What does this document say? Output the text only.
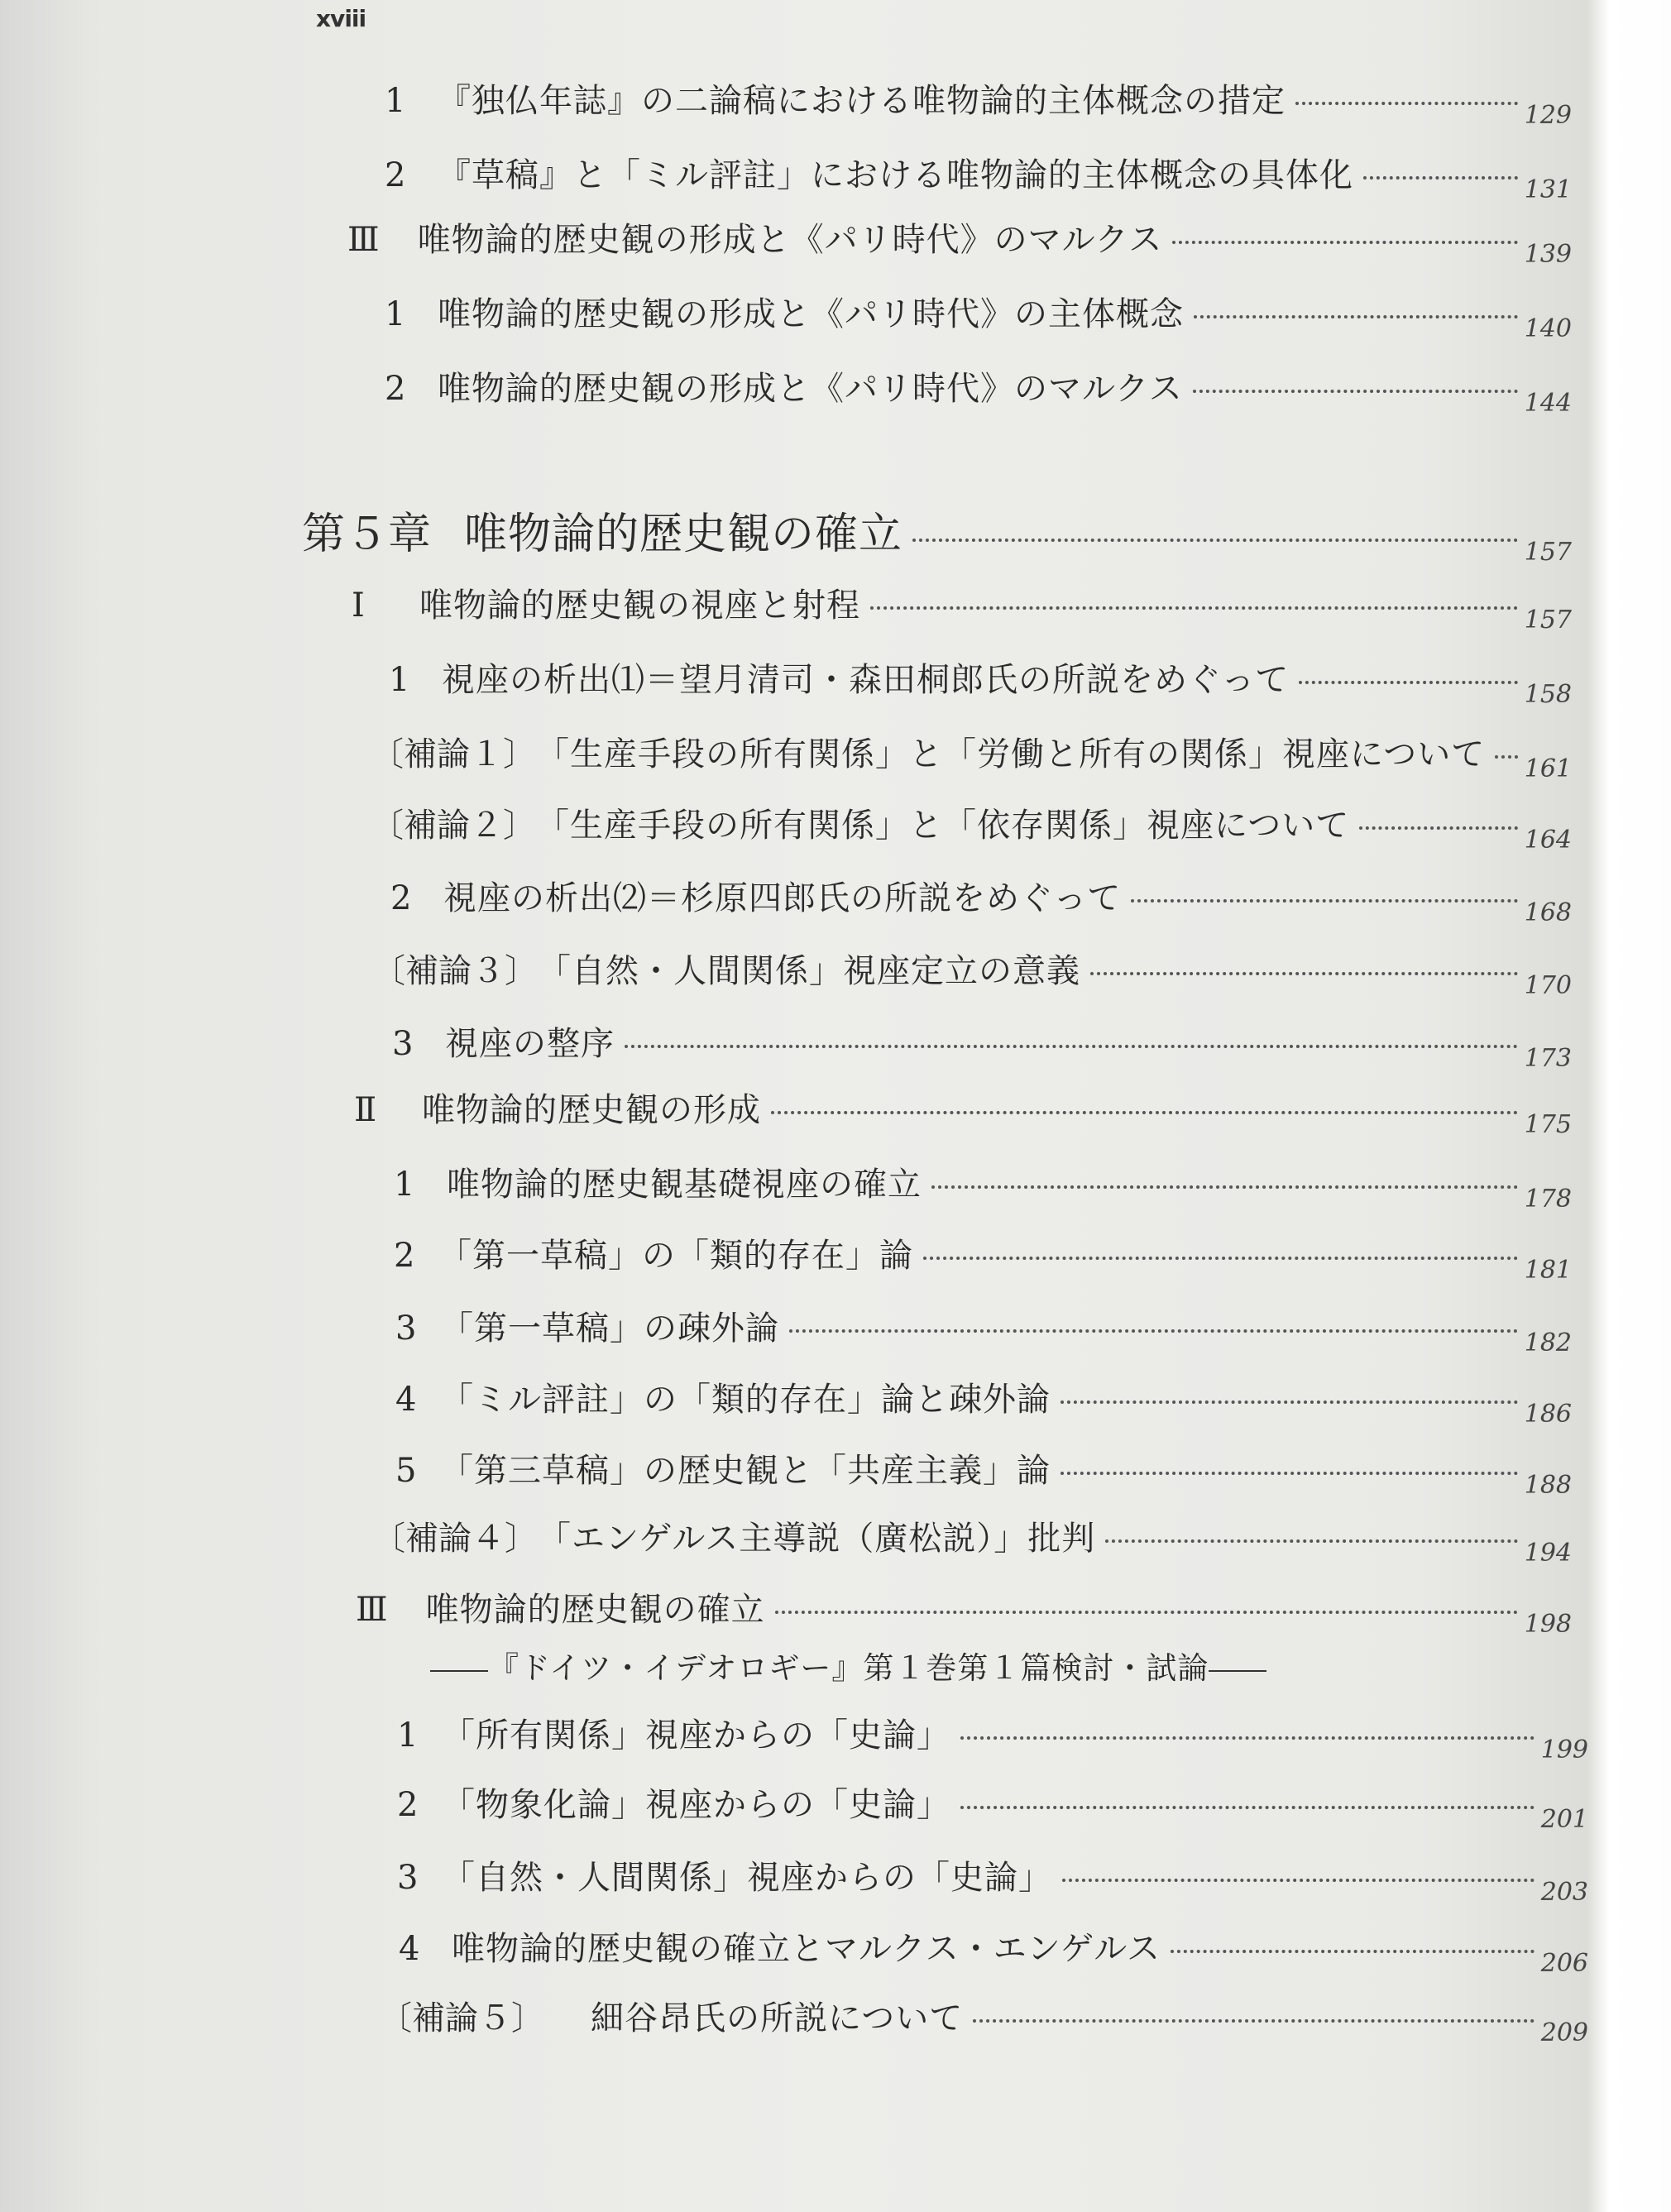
xviii
1 『独仏年誌』の二論稿における唯物論的主体概念の措定	129
2 『草稿』と「ミル評註」における唯物論的主体概念の具体化	131
Ⅲ 唯物論的歴史観の形成と《パリ時代》のマルクス	139
1 唯物論的歴史観の形成と《パリ時代》の主体概念	140
2 唯物論的歴史観の形成と《パリ時代》のマルクス	144
第５章 唯物論的歴史観の確立	157
Ⅰ	唯物論的歴史観の視座と射程	157
1 視座の析出⑴＝望月清司・森田桐郎氏の所説をめぐって	158
〔補論１〕 「生産手段の所有関係」と「労働と所有の関係」視座について 161
〔補論２〕 「生産手段の所有関係」と「依存関係」視座について	164
2 視座の析出⑵＝杉原四郎氏の所説をめぐって	168
〔補論３〕 「自然・人間関係」視座定立の意義	170
3 視座の整序	173
Ⅱ 唯物論的歴史観の形成	175
1 唯物論的歴史観基礎視座の確立	178
2 「第一草稿」の「類的存在」論	181
3 「第一草稿」の疎外論	182
4 「ミル評註」の「類的存在」論と疎外論	186
5 「第三草稿」の歴史観と「共産主義」論	188
〔補論４〕 「エンゲルス主導説（廣松説）」批判	194
Ⅲ 唯物論的歴史観の確立	198
『ドイツ・イデオロギー』第１巻第１篇検討・試論
1 「所有関係」視座からの「史論」	199
2 「物象化論」視座からの「史論」	201
3 「自然・人間関係」視座からの「史論」	203
4 唯物論的歴史観の確立とマルクス・エンゲルス	206
〔補論５〕 細谷昂氏の所説について	209
